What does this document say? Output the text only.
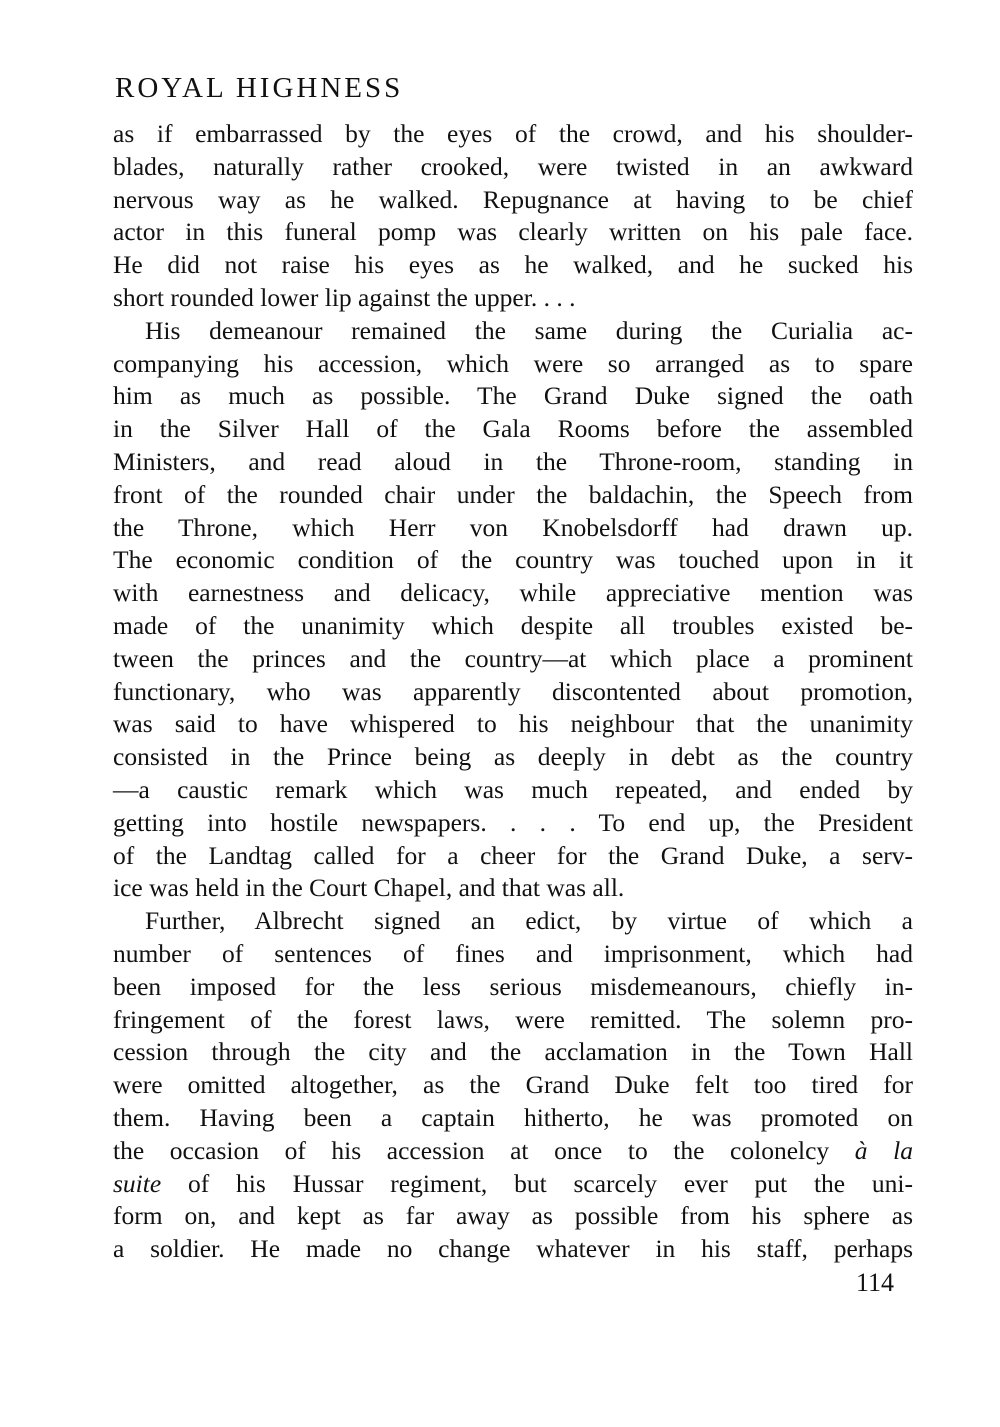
ROYAL HIGHNESS
as if embarrassed by the eyes of the crowd, and his shoulder-
blades, naturally rather crooked, were twisted in an awkward
nervous way as he walked. Repugnance at having to be chief
actor in this funeral pomp was clearly written on his pale face.
He did not raise his eyes as he walked, and he sucked his
short rounded lower lip against the upper. . . .
His demeanour remained the same during the Curialia ac-
companying his accession, which were so arranged as to spare
him as much as possible. The Grand Duke signed the oath
in the Silver Hall of the Gala Rooms before the assembled
Ministers, and read aloud in the Throne-room, standing in
front of the rounded chair under the baldachin, the Speech from
the Throne, which Herr von Knobelsdorff had drawn up.
The economic condition of the country was touched upon in it
with earnestness and delicacy, while appreciative mention was
made of the unanimity which despite all troubles existed be-
tween the princes and the country—at which place a prominent
functionary, who was apparently discontented about promotion,
was said to have whispered to his neighbour that the unanimity
consisted in the Prince being as deeply in debt as the country
—a caustic remark which was much repeated, and ended by
getting into hostile newspapers. . . . To end up, the President
of the Landtag called for a cheer for the Grand Duke, a serv-
ice was held in the Court Chapel, and that was all.
Further, Albrecht signed an edict, by virtue of which a
number of sentences of fines and imprisonment, which had
been imposed for the less serious misdemeanours, chiefly in-
fringement of the forest laws, were remitted. The solemn pro-
cession through the city and the acclamation in the Town Hall
were omitted altogether, as the Grand Duke felt too tired for
them. Having been a captain hitherto, he was promoted on
the occasion of his accession at once to the colonelcy à la
suite of his Hussar regiment, but scarcely ever put the uni-
form on, and kept as far away as possible from his sphere as
a soldier. He made no change whatever in his staff, perhaps
114
